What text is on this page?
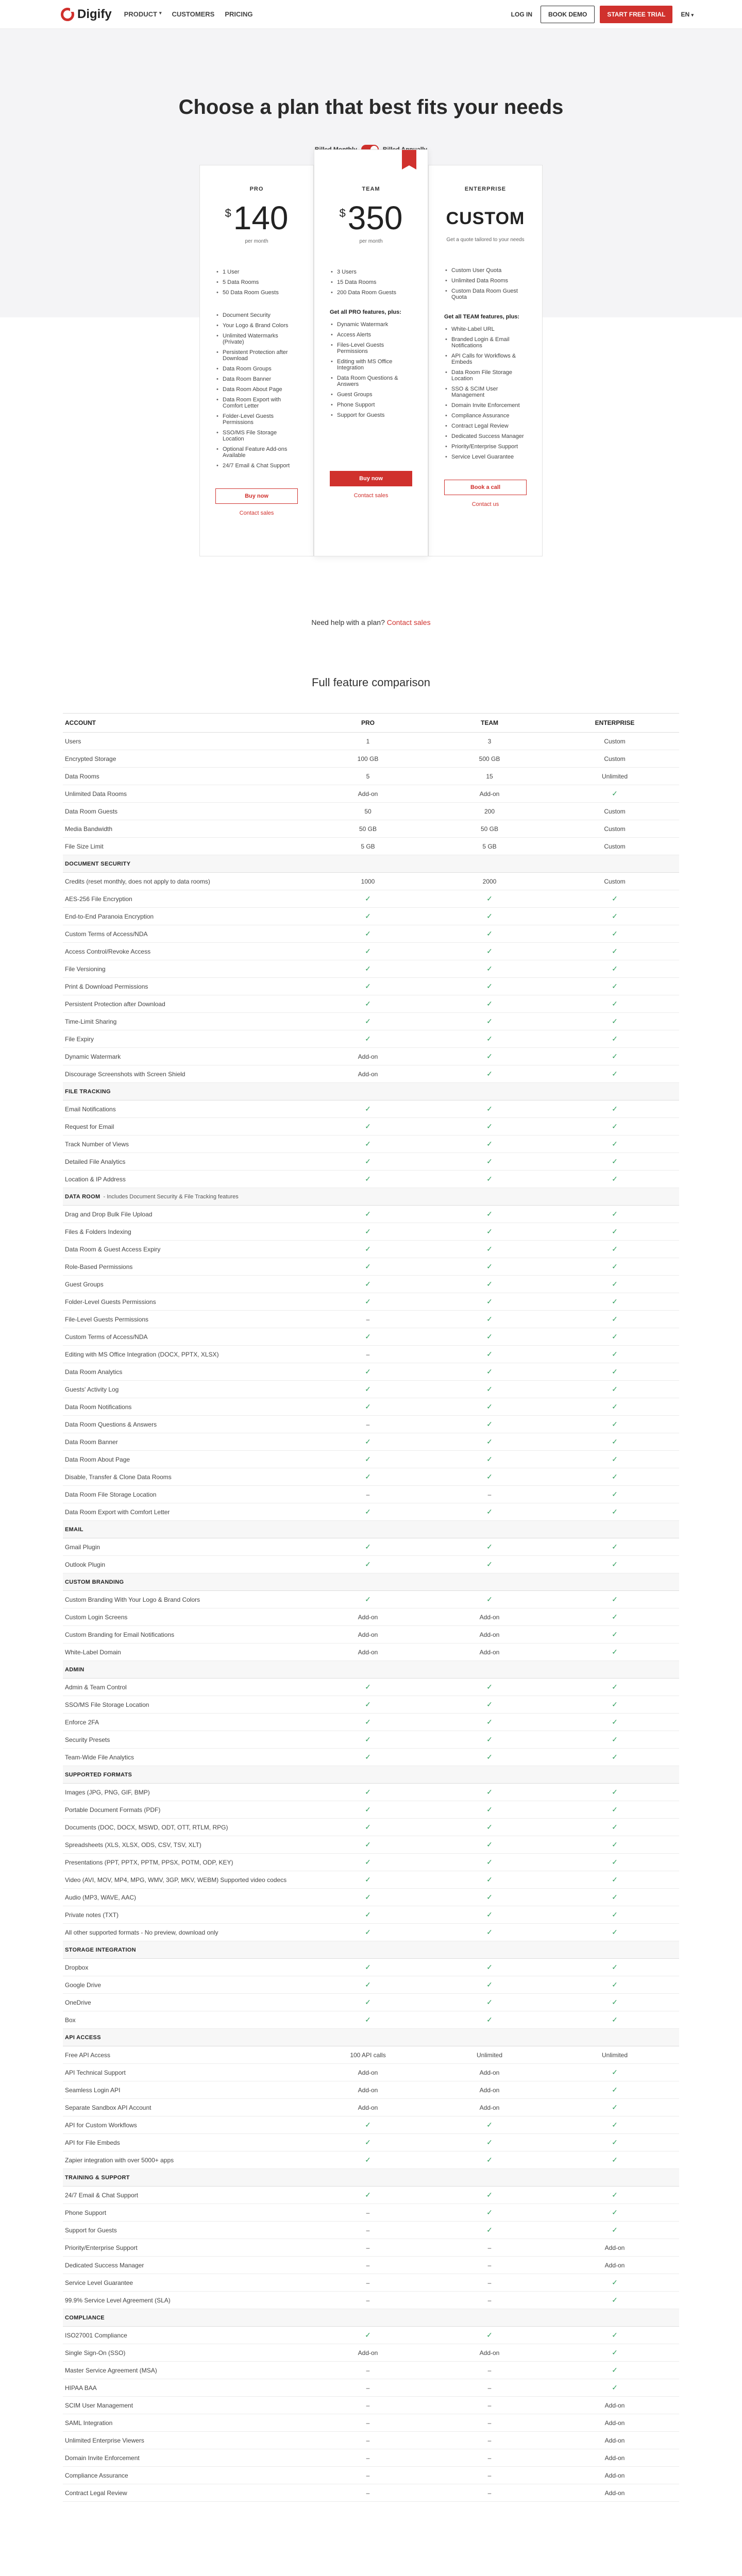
Digify PRODUCT ▾ CUSTOMERS PRICING	LOG IN	BOOK DEMO	START FREE TRIAL	EN ▾
Choose a plan that best fits your needs
PRO
$ 140
per month
• 1 User
• 5 Data Rooms
• 50 Data Room Guests
• Document Security
• Your Logo & Brand Colors
• Unlimited Watermarks (Private)
• Persistent Protection after Download
• Data Room Groups
• Data Room Banner
• Data Room About Page
• Data Room Export with Comfort Letter
• Folder-Level Guests Permissions
• SSO/MS File Storage Location
• Optional Feature Add-ons Available
• 24/7 Email & Chat Support
Buy now
Contact sales
TEAM
$ 350
per month
• 3 Users
• 15 Data Rooms
• 200 Data Room Guests
Get all PRO features, plus:
• Dynamic Watermark
• Access Alerts
• Files-Level Guests Permissions
• Editing with MS Office Integration
• Data Room Questions & Answers
• Guest Groups
• Phone Support
• Support for Guests
Buy now
Contact sales
ENTERPRISE
CUSTOM
Get a quote tailored to your needs
• Custom User Quota
• Unlimited Data Rooms
• Custom Data Room Guest Quota
Get all TEAM features, plus:
• White-Label URL
• Branded Login & Email Notifications
• API Calls for Workflows & Embeds
• Data Room File Storage Location
• SSO & SCIM User Management
• Domain Invite Enforcement
• Compliance Assurance
• Contract Legal Review
• Dedicated Success Manager
• Priority/Enterprise Support
• Service Level Guarantee
Book a call
Contact us
Need help with a plan? Contact sales
Full feature comparison
ACCOUNT	PRO	TEAM	ENTERPRISE
Users	1	3	Custom
Encrypted Storage	100 GB	500 GB	Custom
Data Rooms	5	15	Unlimited
Unlimited Data Rooms	Add-on	Add-on	✓
Data Room Guests	50	200	Custom
Media Bandwidth	50 GB	50 GB	Custom
File Size Limit	5 GB	5 GB	Custom
DOCUMENT SECURITY
Credits (reset monthly, does not apply to data rooms)	1000	2000	Custom
AES-256 File Encryption	✓	✓	✓
End-to-End Paranoia Encryption	✓	✓	✓
Custom Terms of Access/NDA	✓	✓	✓
Access Control/Revoke Access	✓	✓	✓
File Versioning	✓	✓	✓
Print & Download Permissions	✓	✓	✓
Persistent Protection after Download	✓	✓	✓
Time-Limit Sharing	✓	✓	✓
File Expiry	✓	✓	✓
Dynamic Watermark	Add-on	✓	✓
Discourage Screenshots with Screen Shield	Add-on	✓	✓
FILE TRACKING
Email Notifications	✓	✓	✓
Request for Email	✓	✓	✓
Track Number of Views	✓	✓	✓
Detailed File Analytics	✓	✓	✓
Location & IP Address	✓	✓	✓
DATA ROOM - Includes Document Security & File Tracking features
Drag and Drop Bulk File Upload	✓	✓	✓
Files & Folders Indexing	✓	✓	✓
Data Room & Guest Access Expiry	✓	✓	✓
Role-Based Permissions	✓	✓	✓
Guest Groups	✓	✓	✓
Folder-Level Guests Permissions	✓	✓	✓
File-Level Guests Permissions	–	✓	✓
Custom Terms of Access/NDA	✓	✓	✓
Editing with MS Office Integration (DOCX, PPTX, XLSX)	–	✓	✓
Data Room Analytics	✓	✓	✓
Guests' Activity Log	✓	✓	✓
Data Room Notifications	✓	✓	✓
Data Room Questions & Answers	–	✓	✓
Data Room Banner	✓	✓	✓
Data Room About Page	✓	✓	✓
Disable, Transfer & Clone Data Rooms	✓	✓	✓
Data Room File Storage Location	–	–	✓
Data Room Export with Comfort Letter	✓	✓	✓
EMAIL
Gmail Plugin	✓	✓	✓
Outlook Plugin	✓	✓	✓
CUSTOM BRANDING
Custom Branding With Your Logo & Brand Colors	✓	✓	✓
Custom Login Screens	Add-on	Add-on	✓
Custom Branding for Email Notifications	Add-on	Add-on	✓
White-Label Domain	Add-on	Add-on	✓
ADMIN
Admin & Team Control	✓	✓	✓
SSO/MS File Storage Location	✓	✓	✓
Enforce 2FA	✓	✓	✓
Security Presets	✓	✓	✓
Team-Wide File Analytics	✓	✓	✓
SUPPORTED FORMATS
Images (JPG, PNG, GIF, BMP)	✓	✓	✓
Portable Document Formats (PDF)	✓	✓	✓
Documents (DOC, DOCX, MSWD, ODT, OTT, RTLM, RPG)	✓	✓	✓
Spreadsheets (XLS, XLSX, ODS, CSV, TSV, XLT)	✓	✓	✓
Presentations (PPT, PPTX, PPTM, PPSX, POTM, ODP, KEY)	✓	✓	✓
Video (AVI, MOV, MP4, MPG, WMV, 3GP, MKV, WEBM) Supported video codecs	✓	✓	✓
Audio (MP3, WAVE, AAC)	✓	✓	✓
Private notes (TXT)	✓	✓	✓
All other supported formats - No preview, download only	✓	✓	✓
STORAGE INTEGRATION
Dropbox	✓	✓	✓
Google Drive	✓	✓	✓
OneDrive	✓	✓	✓
Box	✓	✓	✓
API ACCESS
Free API Access	100 API calls	Unlimited	Unlimited
API Technical Support	Add-on	Add-on	✓
Seamless Login API	Add-on	Add-on	✓
Separate Sandbox API Account	Add-on	Add-on	✓
API for Custom Workflows	✓	✓	✓
API for File Embeds	✓	✓	✓
Zapier integration with over 5000+ apps	✓	✓	✓
TRAINING & SUPPORT
24/7 Email & Chat Support	✓	✓	✓
Phone Support	–	✓	✓
Support for Guests	–	✓	✓
Priority/Enterprise Support	–	–	Add-on
Dedicated Success Manager	–	–	Add-on
Service Level Guarantee	–	–	✓
99.9% Service Level Agreement (SLA)	–	–	✓
COMPLIANCE
ISO27001 Compliance	✓	✓	✓
Single Sign-On (SSO)	Add-on	Add-on	✓
Master Service Agreement (MSA)	–	–	✓
HIPAA BAA	–	–	✓
SCIM User Management	–	–	Add-on
SAML Integration	–	–	Add-on
Unlimited Enterprise Viewers	–	–	Add-on
Domain Invite Enforcement	–	–	Add-on
Compliance Assurance	–	–	Add-on
Contract Legal Review	–	–	Add-on
